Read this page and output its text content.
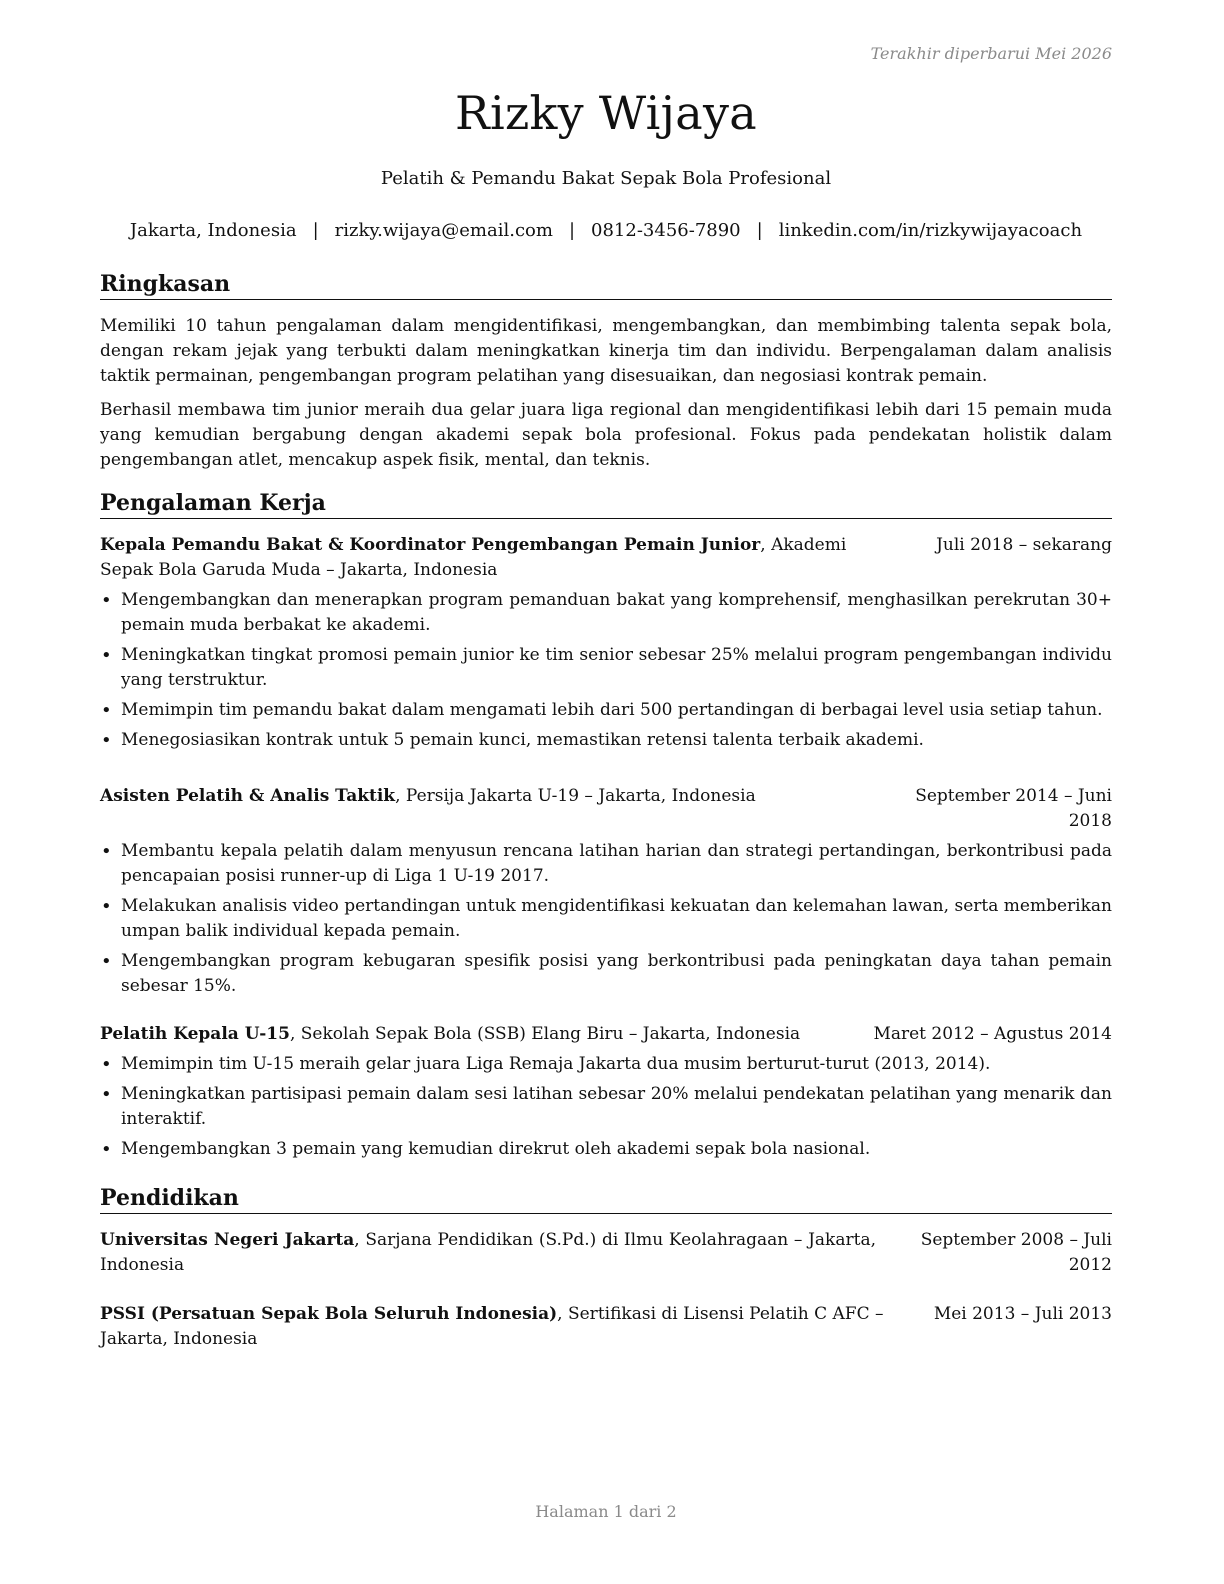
Terakhir diperbarui Mei 2026
Rizky Wijaya
Pelatih & Pemandu Bakat Sepak Bola Profesional
Jakarta, Indonesia | rizky.wijaya@email.com | 0812-3456-7890 | linkedin.com/in/rizkywijayacoach
Ringkasan

Memiliki 10 tahun pengalaman dalam mengidentifikasi, mengembangkan, dan membimbing talenta sepak bola, dengan rekam jejak yang terbukti dalam meningkatkan kinerja tim dan individu. Berpengalaman dalam analisis taktik permainan, pengembangan program pelatihan yang disesuaikan, dan negosiasi kontrak pemain.

Berhasil membawa tim junior meraih dua gelar juara liga regional dan mengidentifikasi lebih dari 15 pemain muda yang kemudian bergabung dengan akademi sepak bola profesional. Fokus pada pendekatan holistik dalam pengembangan atlet, mencakup aspek fisik, mental, dan teknis.

Pengalaman Kerja
Kepala Pemandu Bakat & Koordinator Pengembangan Pemain Junior, Akademi Sepak Bola Garuda Muda – Jakarta, Indonesia
Juli 2018 – sekarang
• Mengembangkan dan menerapkan program pemanduan bakat yang komprehensif, menghasilkan perekrutan 30+ pemain muda berbakat ke akademi.
• Meningkatkan tingkat promosi pemain junior ke tim senior sebesar 25% melalui program pengembangan individu yang terstruktur.
• Memimpin tim pemandu bakat dalam mengamati lebih dari 500 pertandingan di berbagai level usia setiap tahun.
• Menegosiasikan kontrak untuk 5 pemain kunci, memastikan retensi talenta terbaik akademi.
Asisten Pelatih & Analis Taktik, Persija Jakarta U-19 – Jakarta, Indonesia	September 2014 – Juni 2018
• Membantu kepala pelatih dalam menyusun rencana latihan harian dan strategi pertandingan, berkontribusi pada pencapaian posisi runner-up di Liga 1 U-19 2017.
• Melakukan analisis video pertandingan untuk mengidentifikasi kekuatan dan kelemahan lawan, serta memberikan umpan balik individual kepada pemain.
• Mengembangkan program kebugaran spesifik posisi yang berkontribusi pada peningkatan daya tahan pemain sebesar 15%.
Pelatih Kepala U-15, Sekolah Sepak Bola (SSB) Elang Biru – Jakarta, Indonesia	Maret 2012 – Agustus 2014
• Memimpin tim U-15 meraih gelar juara Liga Remaja Jakarta dua musim berturut-turut (2013, 2014).
• Meningkatkan partisipasi pemain dalam sesi latihan sebesar 20% melalui pendekatan pelatihan yang menarik dan interaktif.
• Mengembangkan 3 pemain yang kemudian direkrut oleh akademi sepak bola nasional.
Pendidikan
Universitas Negeri Jakarta, Sarjana Pendidikan (S.Pd.) di Ilmu Keolahragaan – Jakarta, Indonesia
September 2008 – Juli 2012
PSSI (Persatuan Sepak Bola Seluruh Indonesia), Sertifikasi di Lisensi Pelatih C AFC – Jakarta, Indonesia
Mei 2013 – Juli 2013
Halaman 1 dari 2
